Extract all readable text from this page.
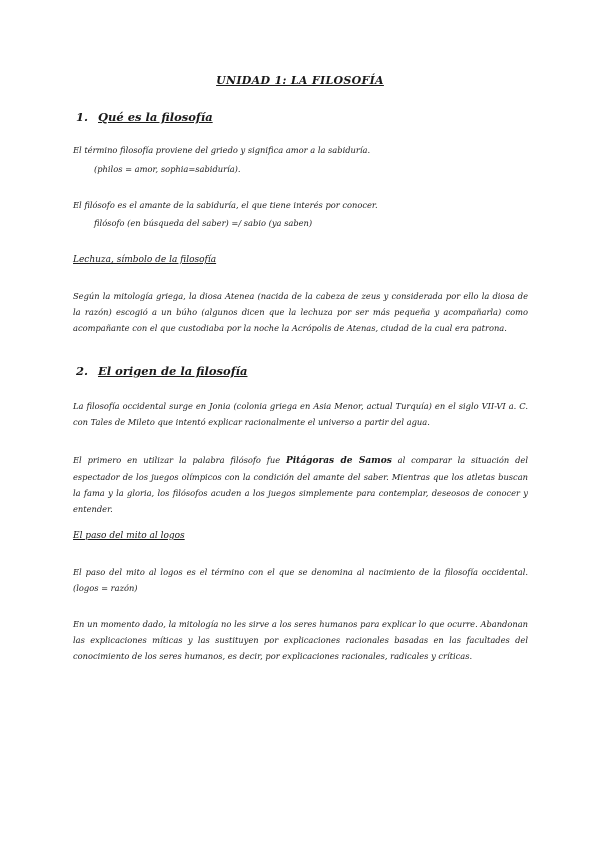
UNIDAD 1: LA FILOSOFÍA
1. Qué es la filosofía
El término filosofía proviene del griedo y significa amor a la sabiduría.
(philos = amor, sophia=sabiduría).
El filósofo es el amante de la sabiduría, el que tiene interés por conocer.
filósofo (en búsqueda del saber) =/ sabio (ya saben)
Lechuza, símbolo de la filosofía
Según la mitología griega, la diosa Atenea (nacida de la cabeza de zeus y considerada por ello la diosa de la razón) escogió a un búho (algunos dicen que la lechuza por ser más pequeña y acompañarla) como acompañante con el que custodiaba por la noche la Acrópolis de Atenas, ciudad de la cual era patrona.
2. El origen de la filosofía
La filosofía occidental surge en Jonia (colonia griega en Asia Menor, actual Turquía) en el siglo VII-VI a. C. con Tales de Mileto que intentó explicar racionalmente el universo a partir del agua.
El primero en utilizar la palabra filósofo fue Pitágoras de Samos al comparar la situación del espectador de los juegos olímpicos con la condición del amante del saber. Mientras que los atletas buscan la fama y la gloria, los filósofos acuden a los juegos simplemente para contemplar, deseosos de conocer y entender.
El paso del mito al logos
El paso del mito al logos es el término con el que se denomina al nacimiento de la filosofía occidental. (logos = razón)
En un momento dado, la mitología no les sirve a los seres humanos para explicar lo que ocurre. Abandonan las explicaciones míticas y las sustituyen por explicaciones racionales basadas en las facultades del conocimiento de los seres humanos, es decir, por explicaciones racionales, radicales y críticas.
